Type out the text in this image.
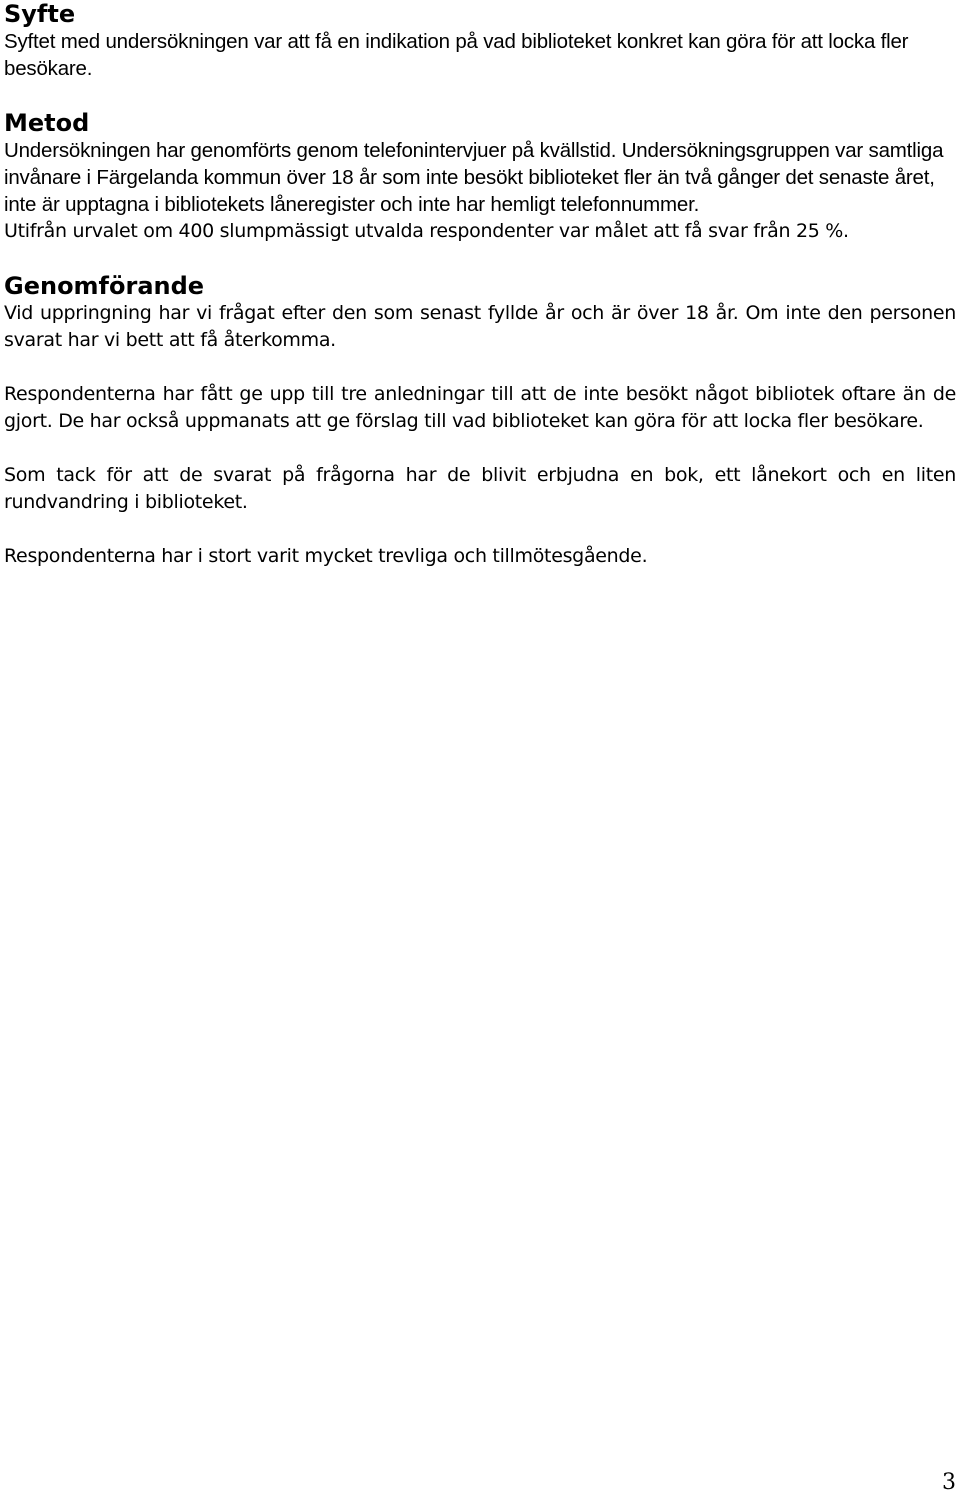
Syfte

Syftet med undersökningen var att få en indikation på vad biblioteket konkret kan göra för att locka fler besökare.

Metod

Undersökningen har genomförts genom telefonintervjuer på kvällstid. Undersökningsgruppen var samtliga invånare i Färgelanda kommun över 18 år som inte besökt biblioteket fler än två gånger det senaste året, inte är upptagna i bibliotekets låneregister och inte har hemligt telefonnummer.

Utifrån urvalet om 400 slumpmässigt utvalda respondenter var målet att få svar från 25 %.

Genomförande

Vid uppringning har vi frågat efter den som senast fyllde år och är över 18 år. Om inte den personen svarat har vi bett att få återkomma.

Respondenterna har fått ge upp till tre anledningar till att de inte besökt något bibliotek oftare än de gjort. De har också uppmanats att ge förslag till vad biblioteket kan göra för att locka fler besökare.

Som tack för att de svarat på frågorna har de blivit erbjudna en bok, ett lånekort och en liten rundvandring i biblioteket.

Respondenterna har i stort varit mycket trevliga och tillmötesgående.

3
